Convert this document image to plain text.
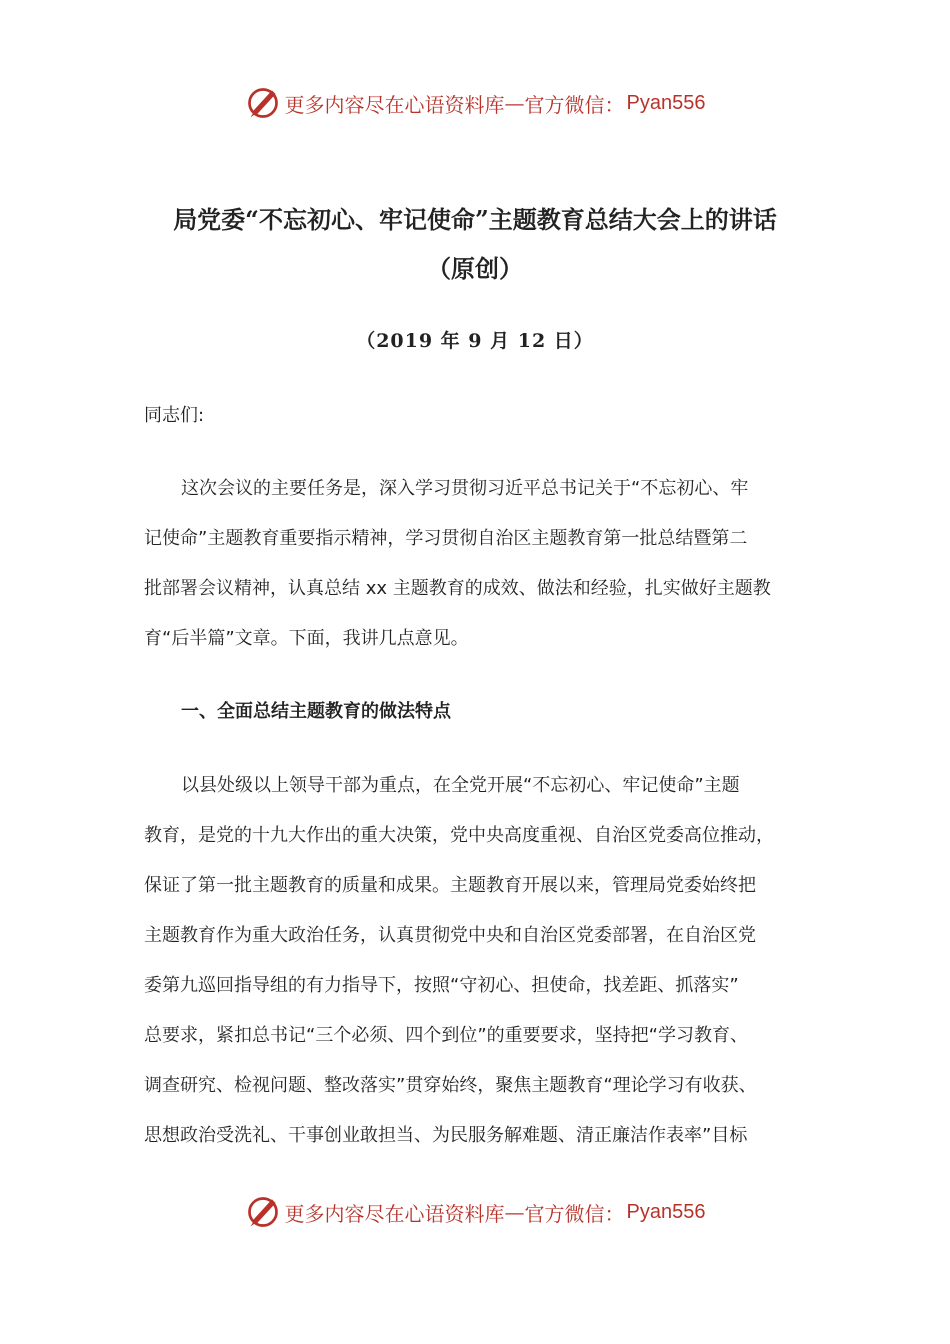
更多内容尽在心语资料库 — 官方微信： Pyan556
局党委“不忘初心、牢记使命”主题教育总结大会上的讲话
（原创）
（2019 年 9 月 12 日）
同志们:
这次会议的主要任务是，深入学习贯彻习近平总书记关于“不忘初心、牢
记使命”主题教育重要指示精神，学习贯彻自治区主题教育第一批总结暨第二
批部署会议精神，认真总结 xx 主题教育的成效、做法和经验，扎实做好主题教
育“后半篇”文章。下面，我讲几点意见。
一、全面总结主题教育的做法特点
以县处级以上领导干部为重点，在全党开展“不忘初心、牢记使命”主题
教育，是党的十九大作出的重大决策，党中央高度重视、自治区党委高位推动，
保证了第一批主题教育的质量和成果。主题教育开展以来，管理局党委始终把
主题教育作为重大政治任务，认真贯彻党中央和自治区党委部署，在自治区党
委第九巡回指导组的有力指导下，按照“守初心、担使命，找差距、抓落实”
总要求，紧扣总书记“三个必须、四个到位”的重要要求，坚持把“学习教育、
调查研究、检视问题、整改落实”贯穿始终，聚焦主题教育“理论学习有收获、
思想政治受洗礼、干事创业敢担当、为民服务解难题、清正廉洁作表率”目标
更多内容尽在心语资料库 — 官方微信： Pyan556
